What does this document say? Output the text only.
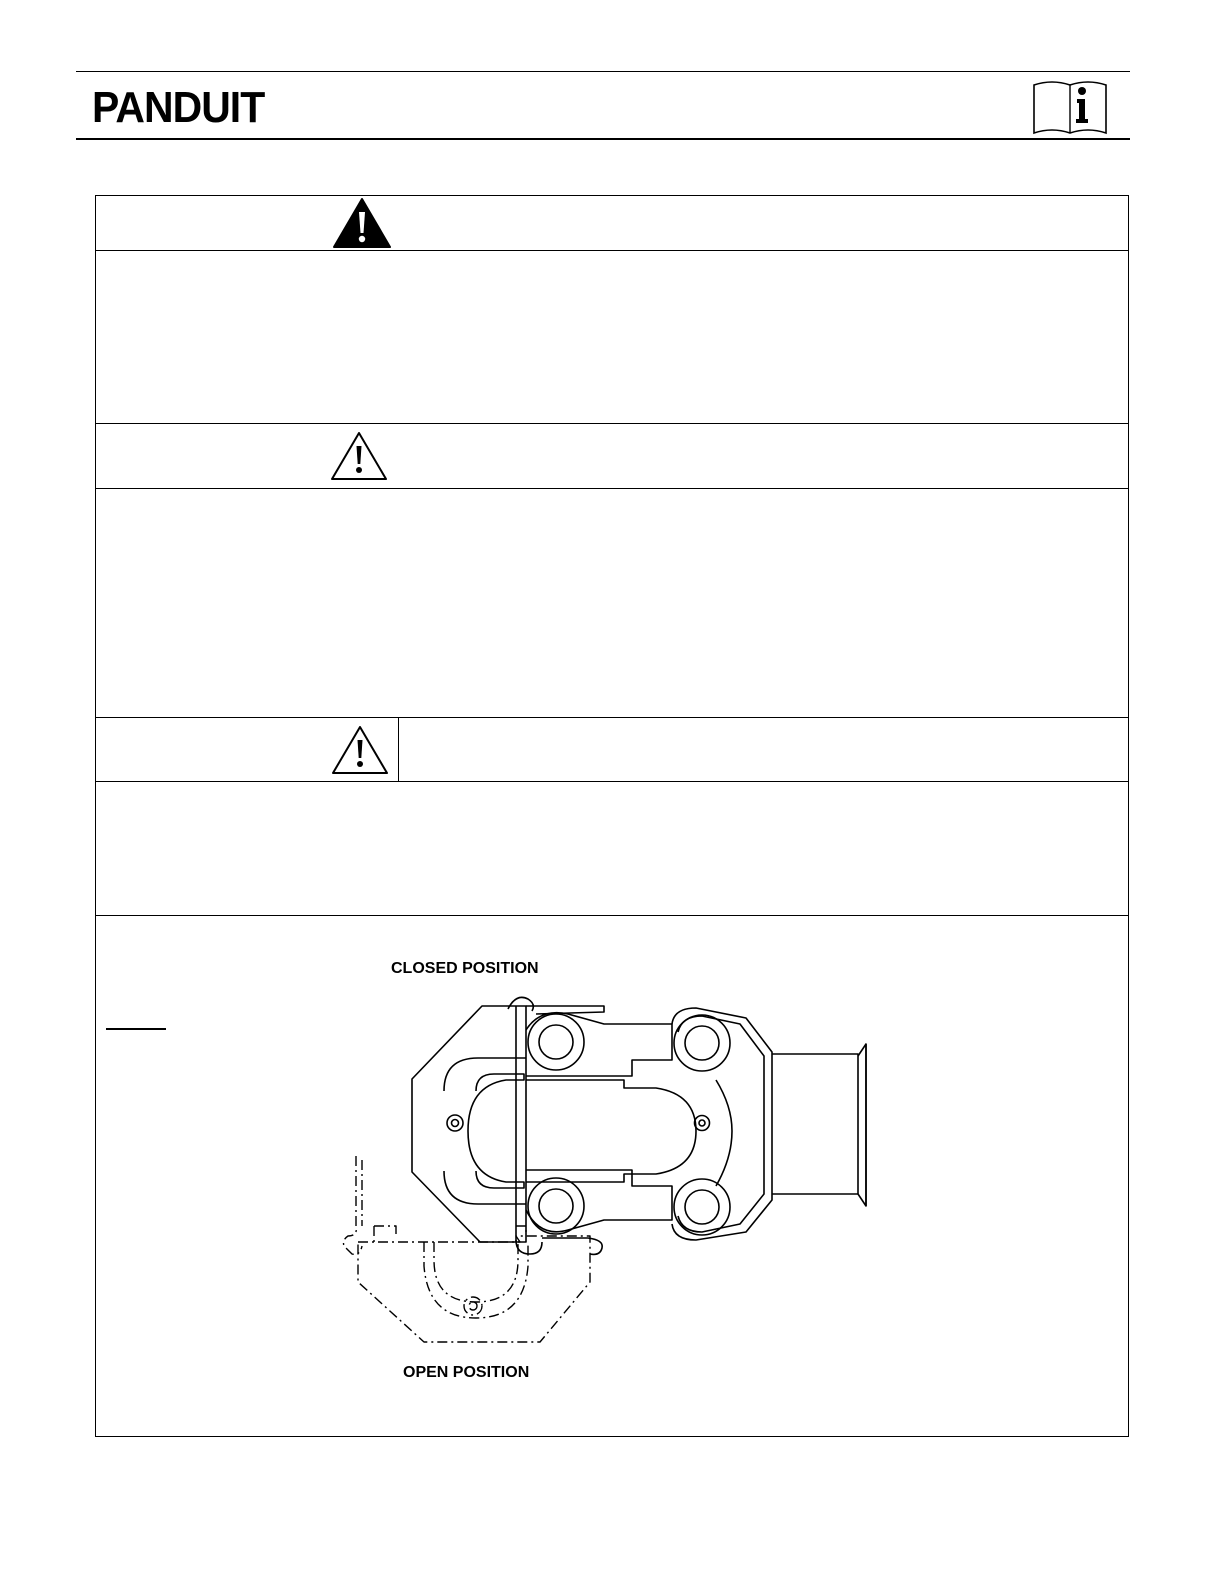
PANDUIT
CLOSED POSITION
OPEN POSITION
